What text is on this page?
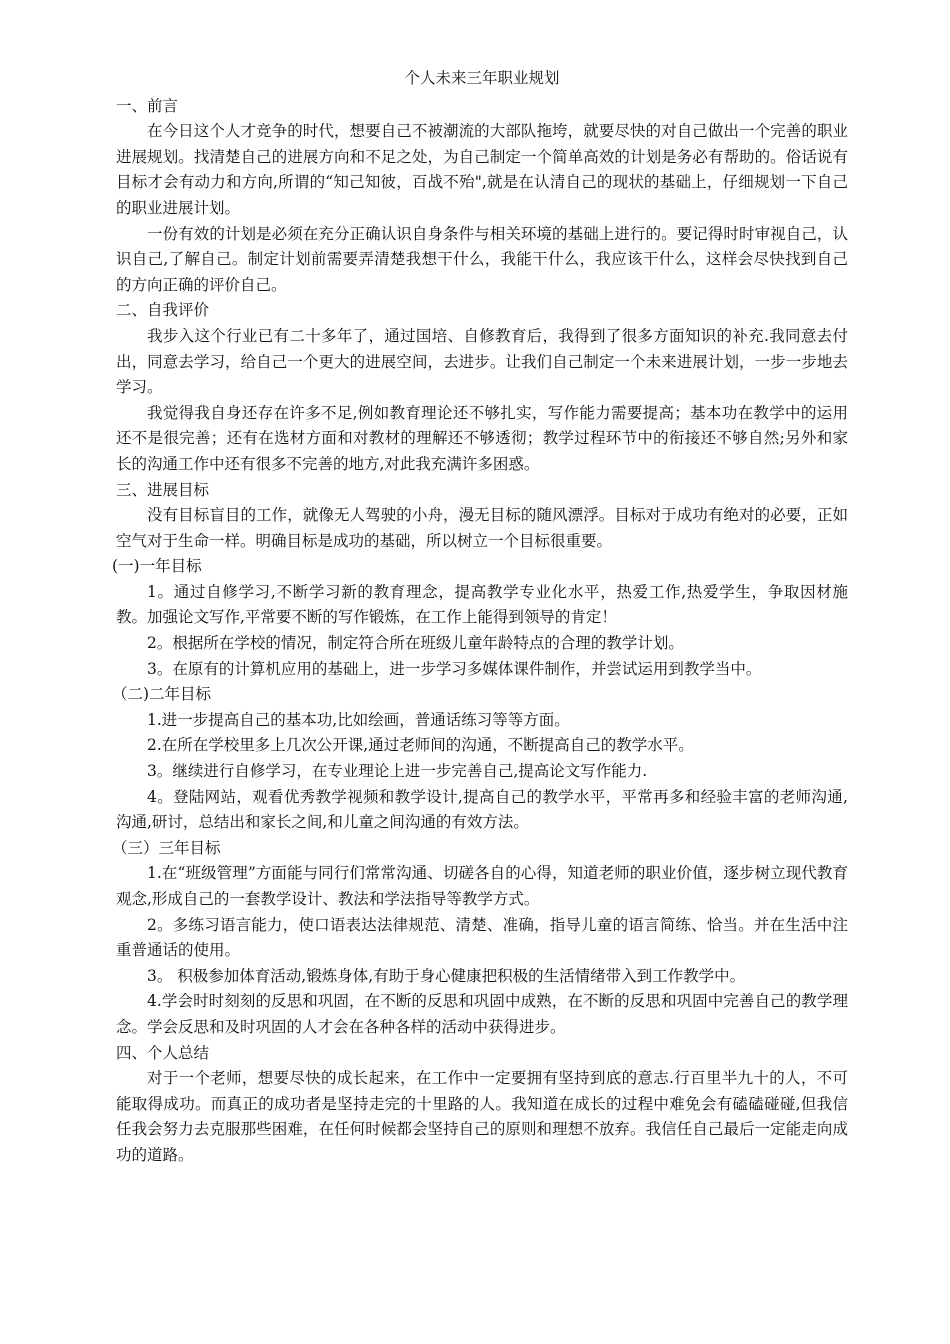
个人未来三年职业规划
一、前言
在今日这个人才竞争的时代，想要自己不被潮流的大部队拖垮，就要尽快的对自己做出一个完善的职业进展规划。找清楚自己的进展方向和不足之处，为自己制定一个简单高效的计划是务必有帮助的。俗话说有目标才会有动力和方向,所谓的“知己知彼，百战不殆",就是在认清自己的现状的基础上，仔细规划一下自己的职业进展计划。
一份有效的计划是必须在充分正确认识自身条件与相关环境的基础上进行的。要记得时时审视自己，认识自己,了解自己。制定计划前需要弄清楚我想干什么，我能干什么，我应该干什么，这样会尽快找到自己的方向正确的评价自己。
二、自我评价
我步入这个行业已有二十多年了，通过国培、自修教育后，我得到了很多方面知识的补充.我同意去付出，同意去学习，给自己一个更大的进展空间，去进步。让我们自己制定一个未来进展计划，一步一步地去学习。
我觉得我自身还存在许多不足,例如教育理论还不够扎实，写作能力需要提高；基本功在教学中的运用还不是很完善；还有在选材方面和对教材的理解还不够透彻；教学过程环节中的衔接还不够自然;另外和家长的沟通工作中还有很多不完善的地方,对此我充满许多困惑。
三、进展目标
没有目标盲目的工作，就像无人驾驶的小舟，漫无目标的随风漂浮。目标对于成功有绝对的必要，正如空气对于生命一样。明确目标是成功的基础，所以树立一个目标很重要。
(一)一年目标
1。通过自修学习,不断学习新的教育理念，提高教学专业化水平，热爱工作,热爱学生，争取因材施教。加强论文写作,平常要不断的写作锻炼，在工作上能得到领导的肯定！
2。根据所在学校的情况，制定符合所在班级儿童年龄特点的合理的教学计划。
3。在原有的计算机应用的基础上，进一步学习多媒体课件制作，并尝试运用到教学当中。
（二)二年目标
1.进一步提高自己的基本功,比如绘画，普通话练习等等方面。
2.在所在学校里多上几次公开课,通过老师间的沟通，不断提高自己的教学水平。
3。继续进行自修学习，在专业理论上进一步完善自己,提高论文写作能力.
4。登陆网站，观看优秀教学视频和教学设计,提高自己的教学水平，平常再多和经验丰富的老师沟通,沟通,研讨，总结出和家长之间,和儿童之间沟通的有效方法。
（三）三年目标
1.在“班级管理”方面能与同行们常常沟通、切磋各自的心得，知道老师的职业价值，逐步树立现代教育观念,形成自己的一套教学设计、教法和学法指导等教学方式。
2。多练习语言能力，使口语表达法律规范、清楚、准确，指导儿童的语言简练、恰当。并在生活中注重普通话的使用。
3。 积极参加体育活动,锻炼身体,有助于身心健康把积极的生活情绪带入到工作教学中。
4.学会时时刻刻的反思和巩固，在不断的反思和巩固中成熟，在不断的反思和巩固中完善自己的教学理念。学会反思和及时巩固的人才会在各种各样的活动中获得进步。
四、个人总结
对于一个老师，想要尽快的成长起来，在工作中一定要拥有坚持到底的意志.行百里半九十的人，不可能取得成功。而真正的成功者是坚持走完的十里路的人。我知道在成长的过程中难免会有磕磕碰碰,但我信任我会努力去克服那些困难，在任何时候都会坚持自己的原则和理想不放弃。我信任自己最后一定能走向成功的道路。
